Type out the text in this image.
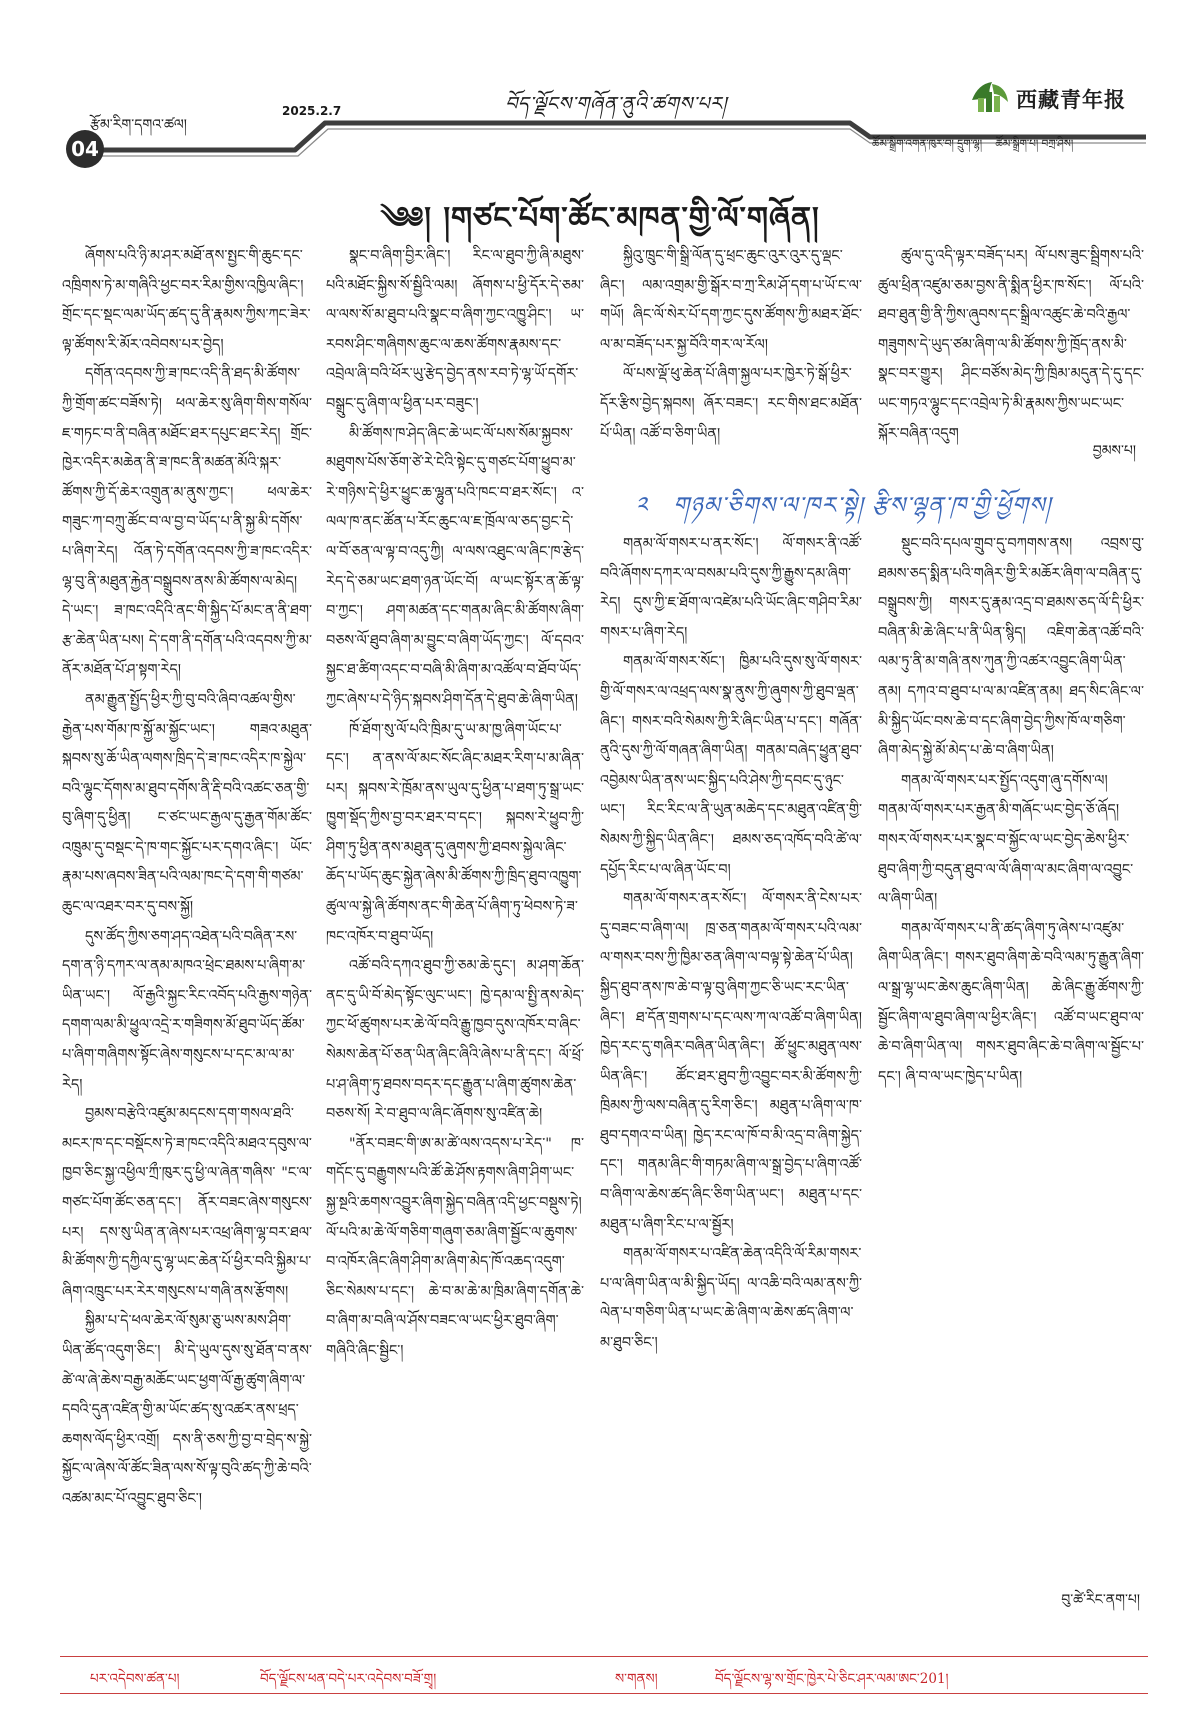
04
རྩོམ་རིག་དགའ་ཚལ།
2025.2.7	བོད་ལྗོངས་གཞོན་ནུའི་ཚགས་པར།	西藏青年报
ཚོམ་སྒྲིག་འགན་ཁུར་བ། དྲུག་ལྷ། ཚོམ་སྒྲིག་པ། བཀྲ་ཤིས།
༄༅། །གཙང་པོག་ཚོང་མཁན་གྱི་ལོ་གཞོན།

ཞོགས་པའི་ཉི་མ་ཤར་མཐོ་ནས་སྤྱང་གི་ཆུང་དང་འཁྲིགས་ཏེ་མ་གཞིའི་ཕྱང་བར་རིམ་གྱིས་འཁྱིལ་ཞིང་། གྲོང་དང་སྡང་ལམ་ཡོད་ཚད་དུ་ནི་རྣམས་ཀྱིས་ཀང་ཟེར་ལྟ་ཚོགས་རི་མོར་འབེབས་པར་བྱེད།

དགོན་འདབས་ཀྱི་ཟ་ཁང་འདི་ནི་ཐད་མི་ཚོགས་ཀྱི་གྲོག་ཚང་བཟོས་ཏེ། ཕལ་ཆེར་སུ་ཞིག་གིས་གསོལ་ཇ་གཏང་བ་ནི་བཞིན་མཐོང་ཐར་དཔུང་ཐང་རེད། གྲོང་ཁྱེར་འདིར་མཆེན་ནི་ཟ་ཁང་ནི་མཚན་མོའི་སྐར་ཚོགས་ཀྱི་དོ་ཆེར་འགྲུན་མ་ནུས་ཀྱང་། ཕལ་ཆེར་གཟུང་ཀ་བཀྲུ་ཚོང་བ་ལ་བྱ་བ་ཡོད་པ་ནི་སྐྱ་མི་དགོས་པ་ཞིག་རེད། འོན་ཏེ་དགོན་འདབས་ཀྱི་ཟ་ཁང་འདིར་ལྷ་བུ་ནི་མཐུན་རྐྱེན་བསྒྲུབས་ནས་མི་ཚོགས་ལ་མེད། དེ་ཡང་། ཟ་ཁང་འདིའི་ནང་གི་སྐྱིད་པོ་མང་ན་ནི་ཐག་རྩ་ཆེན་ཡིན་པས། དེ་དག་ནི་དགོན་པའི་འདབས་ཀྱི་མ་ནོར་མཐོན་པོ་ཤ་སྟག་རེད།

ནམ་རྒྱུན་སྤྱོད་ཕྱིར་ཀྱི་བུ་བའི་ཞིབ་འཚལ་གྱིས་རྒྱེན་པས་གོམ་ཁ་སྐྱོ་མ་སྐྱོང་ཡང་། གཟའ་མཐུན་སྐབས་སུ་ཆོ་ཡིན་ལགས་ཁྲིད་དེ་ཟ་ཁང་འདིར་ཁ་སྐྱེལ་བའི་ལྷུང་དོགས་མ་ཐུབ་དགོས་ནི་རྡི་བའི་འཚང་ཅན་གྱི་བུ་ཞིག་དུ་ཕྱིན། ང་ཙང་ཡང་རྒྱལ་དུ་རྒྱན་གོམ་ཚོང་འཁྲུམ་དུ་བསྡང་དེ་ཁ་གང་སྐྱོང་པར་དགའ་ཞིང་། ཡོང་རྣམ་པས་ཞབས་ཟིན་པའི་ལམ་ཁང་དེ་དག་གི་གཙམ་ཆུང་ལ་འཐར་བར་དུ་བས་སྐྱོ།

དུས་ཚོད་ཀྱིས་ཅག་ཤད་འཐེན་པའི་བཞིན་རས་དག་ན་ཉི་དཀར་ལ་ནམ་མཁའ་ཕྲེང་ཐམས་པ་ཞིག་མ་ཡིན་ཡང་། ལོ་རྒྱའི་སྐྱང་རིང་འབོད་པའི་རྒྱས་གཉེན་དགག་ལམ་མི་ཕྱུལ་འདྲེ་ར་གཟིགས་མོ་ཐུབ་ཡོད་ཚོམ་པ་ཞིག་གཞིགས་སྟོང་ཞེས་གསུངས་པ་དང་མ་ལ་མ་རེད།

བྱམས་བརྩེའི་འཛུམ་མདངས་དག་གསལ་ཐའི་མངར་ཁ་དང་བསྡོངས་ཏེ་ཟ་ཁང་འདིའི་མཐའ་དབུས་ལ་ཁྱབ་ཅིང་སྐྱ་འཕྱིལ་ཀྲྀ་ཁུར་དུ་ཕྱི་ལ་ཞེན་གཞིས་ "ང་ལ་གཙང་པོག་ཚོང་ཅན་དང་། ནོར་བཟང་ཞེས་གསུངས་པར། དས་སུ་ཡིན་ན་ཞེས་པར་འཕྲ་ཞིག་ལྷ་བར་ཐལ་མི་ཚོགས་ཀྱི་དཀྱིལ་དུ་ལྷ་ཡང་ཆེན་པོ་ཕྱིར་བའི་སྐྱིམ་པ་ཞིག་འཁྲུང་པར་རེར་གསུངས་པ་གཞི་ནས་རྩོགས།

སྐྱིམ་པ་དེ་ཕལ་ཆེར་ལོ་སུམ་ཅུ་ཡས་མས་ཤིག་ཡིན་ཚོད་འདུག་ཅིང་། མི་དེ་ཡུལ་དུས་སུ་ཐོན་བ་ནས་ཚེ་ལ་ཞེ་ཆེས་བརྒྱ་མཆོང་ཡང་ཕྱག་ལོ་རྒྱ་ཚུག་ཞིག་ལ་དབའི་དུན་འཛིན་གྱི་མ་ཡོང་ཚད་སུ་འཚར་ནས་ཕྲད་ཆགས་ལོད་ཕྱིར་འགྲོ། དས་ནི་ཅས་ཀྱི་བྱ་བ་བྲེད་ས་སྐྱེ་སྐྱོང་ལ་ཞེས་ལོ་ཚོང་ཟིན་ལས་སོ་ལྟ་བུའི་ཚད་ཀྱི་ཆེ་བའི་འཚམ་མང་པོ་འབྱུང་ཐུབ་ཅིང་།

སྣང་བ་ཞིག་བྱིར་ཞིང་། རིང་ལ་ཐུབ་ཀྱི་ཞི་མཐུས་པའི་མཐོང་སྐྱིས་སོ་སྦྱིའི་ལམ། ཞོགས་པ་ཕྱི་དོར་དེ་ཅམ་ལ་ལས་སོ་མ་ཐུབ་པའི་སྣང་བ་ཞིག་ཀྱང་འཁྱུ་ཤིང་། ཡ་རབས་ཤིང་གཞིགས་ཆུང་ལ་ཆས་ཚོགས་རྣམས་དང་འབྲེལ་ཞི་བའི་ཕོར་ཡུ་རྩེད་བྱེད་ནས་རབ་ཏེ་ལྷ་ཡོ་དགོར་བསྒྲུང་དུ་ཞིག་ལ་ཕྱིན་པར་བཟུང་།

མི་ཚོགས་ཁ་ཤེད་ཞིང་ཆེ་ཡང་ལོ་པས་སོམ་སྐྱབས་མཐུགས་པོས་ཅོག་ཙེ་རེ་ངེའི་སྟེང་དུ་གཙང་པོག་ཕྱུབ་མ་རེ་གཉིས་དེ་ཕྱིར་ཕྱུང་ཆ་ལྷུན་པའི་ཁང་བ་ཐར་སོང་། འ་ལལ་ཁ་ནང་ཚོན་པ་རོང་ཆུང་ལ་ཇ་ཁྲོལ་ལ་ཅད་བྱང་དེ་ལ་བོ་ཅན་ལ་ལྟ་བ་འདུ་ཀྱི། ལ་ལས་འཐུང་ལ་ཞིང་ཁ་རྩེད་རེད་དེ་ཅམ་ཡང་ཐག་ཉན་ཡོང་བོ། ལ་ཡང་སྟོར་ན་ཆོ་ལྟ་བ་ཀྱང་། ཤག་མཚན་དང་གནམ་ཞིང་མི་ཚོགས་ཞིག་བཅས་ལོ་ཐུབ་ཞིག་མ་བྱུང་བ་ཞིག་ཡོད་ཀྱང་། ལོ་དབའ་སྐྱང་ཐ་ཚིག་འདང་བ་བཞི་མི་ཞིག་མ་འཚོལ་བ་ཐོབ་ཡོད་ཀྱང་ཞེས་པ་དེ་ཉིད་སྐབས་ཤིག་དོན་དེ་ཐུབ་ཆེ་ཞིག་ཡིན།

ཁོ་ཐོག་སུ་ལོ་པའི་ཁྲིམ་དུ་ཡ་མ་ཁྱ་ཞིག་ཡོང་པ་དང་། ན་ནས་ལོ་མང་སོང་ཞིང་མཐར་རིག་པ་མ་ཞིན་པར། སྐབས་རེ་ཁྲོམ་ནས་ཡུལ་དུ་ཕྱིན་པ་ཐག་ཏུ་སྒྲ་ཡང་ཁྱུག་སྡོད་ཀྱིས་བྱ་བར་ཐར་བ་དང་། སྐབས་རེ་ཕྱུབ་ཀྱི་ཤིག་ཏུ་ཕྱིན་ནས་མཐུན་དུ་ཞུགས་ཀྱི་ཐབས་སྐྱེལ་ཞིང་ཆོད་པ་ཡོད་ཆུང་སྐྱེན་ཞེས་མི་ཚོགས་ཀྱི་ཁྲིད་ཐུབ་འཁྱུག་ཚུལ་ལ་སྐྱེ་ཞི་ཚོགས་ནང་གི་ཆེན་པོ་ཞིག་ཏུ་ཕེབས་ཏེ་ཟ་ཁང་འཁོར་བ་ཐུབ་ཡོད།

འཚོ་བའི་དཀའ་ཐུབ་ཀྱི་ཅམ་ཆེ་དུང་། མ་ཤག་ཆོན་ནང་དུ་ཡི་བོ་མེད་སྟོང་ལུང་ཡང་། ཁྱེ་དམ་ལ་སྤྱི་ནས་མེད་ཀྱང་ཕོ་ཚུགས་པར་ཆེ་ལོ་བའི་རྒྱུ་ཁྱབ་དུས་འཁོར་བ་ཞིང་སེམས་ཆེན་པོ་ཅན་ཡིན་ཞིང་ཞིའི་ཞེས་པ་ནི་དང་། ལོ་ཕྲོ་པ་ཤ་ཞིག་ཏུ་ཐབས་བདར་དང་རྒྱུན་པ་ཞིག་ཚུགས་ཆེན་བཅས་སོ། རེ་བ་ཐུབ་ལ་ཞིང་ཞོགས་སུ་འཛིན་ཆེ།

"ནོར་བཟང་གི་ཨ་མ་ཚེ་ལས་འདས་པ་རེད་" ཁ་གདོང་དུ་བརྒྱུགས་པའི་ཚོ་ཆེ་ཤོས་རྟགས་ཞིག་ཤིག་ཡང་སྐྱ་སྔའི་ཆགས་འབྱུར་ཞིག་སྐྱེད་བཞིན་འདི་ཕྱང་བསྡུས་ཏེ། ལོ་པའི་མ་ཆེ་ལོ་གཅིག་གཞུག་ཅམ་ཞིག་སྦྱོང་ལ་ཆུགས་བ་འཁོར་ཞིང་ཞིག་ཤིག་མ་ཞིག་མེད་ཁོ་འཆད་འདུག་ཅིང་སེམས་པ་དང་། ཆེ་བ་མ་ཆེ་མ་ཁྲིམ་ཞིག་དགོན་ཆེ་བ་ཞིག་མ་བཞི་ལ་ཤོས་བཟང་ལ་ཡང་ཕྱིར་ཐུབ་ཞིག་གཞིའི་ཞིང་སྦྱིང་།

སྐྱིའུ་ཁྲུང་གི་སྒྲི་ལོན་དུ་ཕྲང་ཆུང་འུར་འུར་དུ་ལྡང་ཞིང་། ལམ་འགྲམ་གྱི་སྒོར་བ་ཀྲ་རིམ་ཤོ་དག་པ་ཡོ་ང་ལ་གཡོ། ཞིང་ལོ་སེར་པོ་དག་ཀྱང་དུས་ཚོགས་ཀྱི་མཐར་ཐོང་ལ་མ་བཟོད་པར་སྐྱ་བོའི་གར་ལ་རོལ།

ལོ་པས་ལྡོ་ཕུ་ཆེན་པོ་ཞིག་སྐྱལ་པར་ཁྱེར་ཏེ་སྒོ་ཕྱིར་དོར་རྩིས་བྱེད་སྐབས། ཞོར་བཟང་། རང་གིས་ཐང་མཐོན་པོ་ཡིན། འཚོ་བ་ཅིག་ཡིན།

ཚུལ་དུ་འདི་ལྟར་བཟོད་པར། ལོ་པས་ཟུང་སྦྲིགས་པའི་ཚུལ་ཕྲིན་འཛུམ་ཅམ་བྱས་ནི་སྨིན་ཕྱིར་ཁ་སོང་། ལོ་པའི་ཐབ་ཐུན་གྱི་ནི་ཀྱིས་ཞུབས་དང་སྒྲིལ་འཚུང་ཆེ་བའི་རྒྱལ་གཟུགས་དེ་ཡུད་ཙམ་ཞིག་ལ་མི་ཚོགས་ཀྱི་ཁྲོད་ནས་མི་སྣང་བར་གྱུར། ཤིང་བཙོས་མེད་ཀྱི་ཁྲིམ་མདུན་དེ་དུ་དང་ཡང་གཏའ་ལྷུང་དང་འབྲེལ་ཏེ་མི་རྣམས་ཀྱིས་ཡང་ཡང་སྐོར་བཞིན་འདུག

བྱམས་པ།
༢ གཉམ་ཅིགས་ལ་ཁར་སྟེ། རྩིས་ལྷན་ཁ་གྱི་ཕྱོགས།

གནམ་ལོ་གསར་པ་ནར་སོང་། ལོ་གསར་ནི་འཚོ་བའི་ཞོགས་དཀར་ལ་བསམ་པའི་དུས་ཀྱི་རྒྱུས་དམ་ཞིག་རེད། དུས་ཀྱི་ཇ་ཐོག་ལ་འཛེམ་པའི་ཡོང་ཞིང་གཤིབ་རིམ་གསར་པ་ཞིག་རེད།

གནམ་ལོ་གསར་སོང་། ཁྱིམ་པའི་དུས་སུ་ལོ་གསར་གྱི་ལོ་གསར་ལ་འཕྲད་ལས་སྣ་ནུས་ཀྱི་ཞུགས་ཀྱི་ཐུབ་ལྡན་ཞིང་། གསར་བའི་སེམས་ཀྱི་རི་ཞིང་ཡིན་པ་དང་། གཞོན་ནུའི་དུས་ཀྱི་ལོ་གཞན་ཞིག་ཡིན། གནམ་བཞེད་ཕྱུན་ཐུབ་འབྱེམས་ཡིན་ནས་ཡང་སྐྱིད་པའི་ཤེས་ཀྱི་དབང་དུ་ཉུང་ཡང་། རིང་རིང་ལ་ནི་ཡུན་མཆེད་དང་མཐུན་འཛིན་གྱི་སེམས་ཀྱི་སྐྱིད་ཡིན་ཞིང་། ཐམས་ཅད་འཁོད་བའི་ཚེ་ལ་དཔྱོད་རིང་པ་ལ་ཞིན་ཡོང་བ།

གནམ་ལོ་གསར་ནར་སོང་། ལོ་གསར་ནི་ངེས་པར་དུ་བཟང་བ་ཞིག་ལ། ཁྲ་ཅན་གནམ་ལོ་གསར་པའི་ལམ་ལ་གསར་བས་ཀྱི་ཁྱིམ་ཅན་ཞིག་ལ་བལྟ་སྟེ་ཆེན་པོ་ཡིན། སྐྱིད་ཐུབ་ནས་ཁ་ཆེ་བ་ལྟ་བུ་ཞིག་ཀྱང་ཅི་ཡང་རང་ཡིན་ཞིང་། ཐ་དོན་གྲགས་པ་དང་ལས་ཀ་ལ་འཚོ་བ་ཞིག་ཡིན། ཁྱེད་རང་དུ་གཞིར་བཞིན་ཡིན་ཞིང་། ཚོ་ཕྱུང་མཐུན་ལས་ཡིན་ཞིང་། ཚོང་ཐར་ཐུབ་ཀྱི་འབྱུང་བར་མི་ཚོགས་ཀྱི་ཁྲིམས་ཀྱི་ལས་བཞིན་དུ་རིག་ཅིང་། མཐུན་པ་ཞིག་ལ་ཁ་ཐུབ་དགའ་བ་ཡིན། ཁྱེད་རང་ལ་ཁོ་བ་མི་འདྲ་བ་ཞིག་སྐྱེད་དང་། གནམ་ཞིང་གི་གཏམ་ཞིག་ལ་སྒྲ་བྱེད་པ་ཞིག་འཚོ་བ་ཞིག་ལ་ཆེས་ཚད་ཞིང་ཅིག་ཡིན་ཡང་། མཐུན་པ་དང་མཐུན་པ་ཞིག་རིང་པ་ལ་སྦྱོར།

གནམ་ལོ་གསར་པ་འཛིན་ཆེན་འདིའི་ལོ་རིམ་གསར་པ་ལ་ཞིག་ཡིན་ལ་མི་སྐྱིད་ཡོད། ལ་འཆི་བའི་ལམ་ནས་ཀྱི་ལེན་པ་གཅིག་ཡིན་པ་ཡང་ཆེ་ཞིག་ལ་ཆེས་ཚད་ཞིག་ལ་མ་ཐུབ་ཅིང་།

སྡུང་བའི་དཔལ་གྲུབ་དུ་བཀགས་ནས། འབྲས་བུ་ཐམས་ཅད་སྨིན་པའི་གཞིར་གྱི་རི་མཆོར་ཞིག་ལ་བཞིན་དུ་བསྒྲུབས་ཀྱི། གསར་དུ་རྣམ་འདྲ་བ་ཐམས་ཅད་ལོ་དི་ཕྱིར་བཞིན་མི་ཆེ་ཞིང་པ་ནི་ཡིན་སྙིད། འཇིག་ཆེན་འཚོ་བའི་ལམ་ཏུ་ནི་མ་གཞི་ནས་ཀུན་ཀྱི་འཚར་འབྱུང་ཞིག་ཡིན་ནམ། དཀའ་བ་ཐུབ་པ་ལ་མ་འཛིན་ནམ། ཐད་སིང་ཞིང་ལ་མི་སྐྱིད་ཡོང་བས་ཆེ་བ་དང་ཞིག་བྱེད་ཀྱིས་ཁོ་ལ་གཅིག་ཞིག་མེད་སྐྱེ་མོ་མེད་པ་ཆེ་བ་ཞིག་ཡིན།

གནམ་ལོ་གསར་པར་སྤྱོད་འདུག་ཞུ་དགོས་ལ། གནམ་ལོ་གསར་པར་རྒྱན་མི་གཞོང་ཡང་བྱེད་ཅོ་ཞོད། གསར་ལོ་གསར་པར་སྣང་བ་སྐྱོང་ལ་ཡང་བྱེད་ཆེས་ཕྱིར་ཐུབ་ཞིག་ཀྱི་བདུན་ཐུབ་ལ་ལོ་ཞིག་ལ་མང་ཞིག་ལ་འབྱུང་ལ་ཞིག་ཡིན།

གནམ་ལོ་གསར་པ་ནི་ཚད་ཞིག་ཏུ་ཞེས་པ་འཛུམ་ཞིག་ཡིན་ཞིང་། གསར་ཐུབ་ཞིག་ཆེ་བའི་ལམ་ཏུ་རྒྱུན་ཞིག་ལ་སྒྲ་ལྷ་ཡང་ཆེས་ཆུང་ཞིག་ཡིན། ཆེ་ཞིང་རྒྱུ་ཚོགས་ཀྱི་སྦྱོང་ཞིག་ལ་ཐུབ་ཞིག་ལ་ཕྱིར་ཞིང་། འཚོ་བ་ཡང་ཐུབ་ལ་ཆེ་བ་ཞིག་ཡིན་ལ། གསར་ཐུབ་ཞིང་ཆེ་བ་ཞིག་ལ་སྦྱོང་པ་དང་། ཞི་བ་ལ་ཡང་ཁྱེད་པ་ཡིན།

བུ་ཚེ་རིང་ནག་པ།
པར་འདེབས་ཚན་པ།	བོད་ལྗོངས་ཕན་བདེ་པར་འདེབས་བཟོ་གྲྭ།	ས་གནས།	བོད་ལྗོངས་ལྷ་ས་གྲོང་ཁྱེར་པེ་ཅིང་ཤར་ལམ་ཨང་201།
